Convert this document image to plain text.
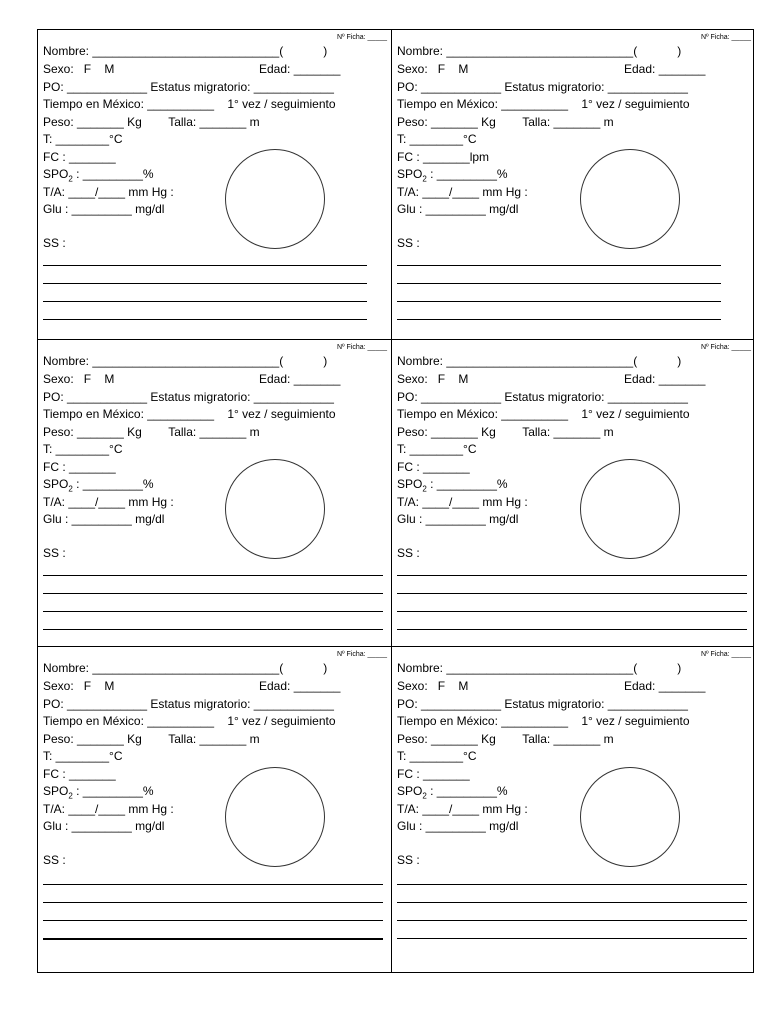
Nº Ficha: _____
Nombre: ____________________________(            )
Sexo:   F    M
PO: ____________ Estatus migratorio: ____________
Tiempo en México: __________    1° vez / seguimiento
Peso: _______ Kg        Talla: _______ m
T: ________°C
FC : _______
T/A: ____/____ mm Hg :
Glu : _________ mg/dl
SS :
Edad: _______
$SPO_2$ : _________%
Nº Ficha: _____
Nombre: ____________________________(            )
Sexo:   F    M
PO: ____________ Estatus migratorio: ____________
Tiempo en México: __________    1° vez / seguimiento
Peso: _______ Kg        Talla: _______ m
T: ________°C
FC : _______lpm
T/A: ____/____ mm Hg :
Glu : _________ mg/dl
SS :
Edad: _______
$SPO_2$ : _________%
Nº Ficha: _____
Nombre: ____________________________(            )
Sexo:   F    M
PO: ____________ Estatus migratorio: ____________
Tiempo en México: __________    1° vez / seguimiento
Peso: _______ Kg        Talla: _______ m
T: ________°C
FC : _______
T/A: ____/____ mm Hg :
Glu : _________ mg/dl
SS :
Edad: _______
$SPO_2$ : _________%
Nº Ficha: _____
Nombre: ____________________________(            )
Sexo:   F    M
PO: ____________ Estatus migratorio: ____________
Tiempo en México: __________    1° vez / seguimiento
Peso: _______ Kg        Talla: _______ m
T: ________°C
FC : _______
T/A: ____/____ mm Hg :
Glu : _________ mg/dl
SS :
Edad: _______
$SPO_2$ : _________%
Nº Ficha: _____
Nombre: ____________________________(            )
Sexo:   F    M
PO: ____________ Estatus migratorio: ____________
Tiempo en México: __________    1° vez / seguimiento
Peso: _______ Kg        Talla: _______ m
T: ________°C
FC : _______
T/A: ____/____ mm Hg :
Glu : _________ mg/dl
SS :
Edad: _______
$SPO_2$ : _________%
Nº Ficha: _____
Nombre: ____________________________(            )
Sexo:   F    M
PO: ____________ Estatus migratorio: ____________
Tiempo en México: __________    1° vez / seguimiento
Peso: _______ Kg        Talla: _______ m
T: ________°C
FC : _______
T/A: ____/____ mm Hg :
Glu : _________ mg/dl
SS :
Edad: _______
$SPO_2$ : _________%
